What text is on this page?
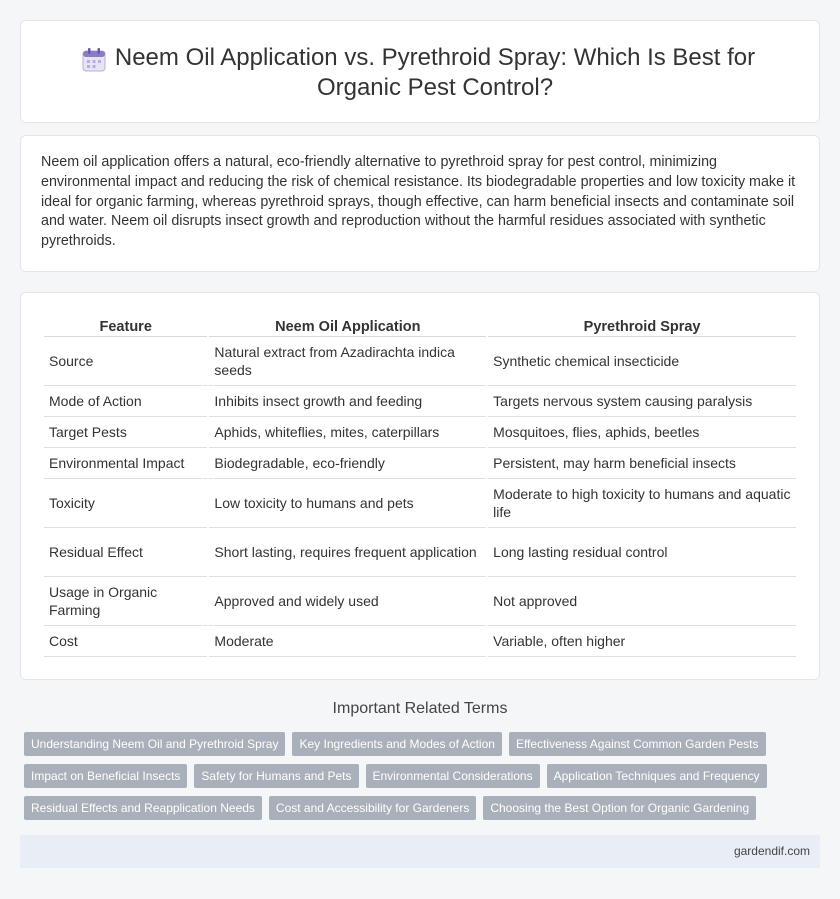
Neem Oil Application vs. Pyrethroid Spray: Which Is Best for Organic Pest Control?

Neem oil application offers a natural, eco-friendly alternative to pyrethroid spray for pest control, minimizing environmental impact and reducing the risk of chemical resistance. Its biodegradable properties and low toxicity make it ideal for organic farming, whereas pyrethroid sprays, though effective, can harm beneficial insects and contaminate soil and water. Neem oil disrupts insect growth and reproduction without the harmful residues associated with synthetic pyrethroids.

Feature	Neem Oil Application	Pyrethroid Spray
Source	Natural extract from Azadirachta indica seeds	Synthetic chemical insecticide
Mode of Action	Inhibits insect growth and feeding	Targets nervous system causing paralysis
Target Pests	Aphids, whiteflies, mites, caterpillars	Mosquitoes, flies, aphids, beetles
Environmental Impact	Biodegradable, eco-friendly	Persistent, may harm beneficial insects
Toxicity	Low toxicity to humans and pets	Moderate to high toxicity to humans and aquatic life
Residual Effect	Short lasting, requires frequent application	Long lasting residual control
Usage in Organic Farming	Approved and widely used	Not approved
Cost	Moderate	Variable, often higher
Important Related Terms
Understanding Neem Oil and Pyrethroid Spray	Key Ingredients and Modes of Action	Effectiveness Against Common Garden Pests
Impact on Beneficial Insects	Safety for Humans and Pets	Environmental Considerations	Application Techniques and Frequency
Residual Effects and Reapplication Needs	Cost and Accessibility for Gardeners	Choosing the Best Option for Organic Gardening
gardendif.com
